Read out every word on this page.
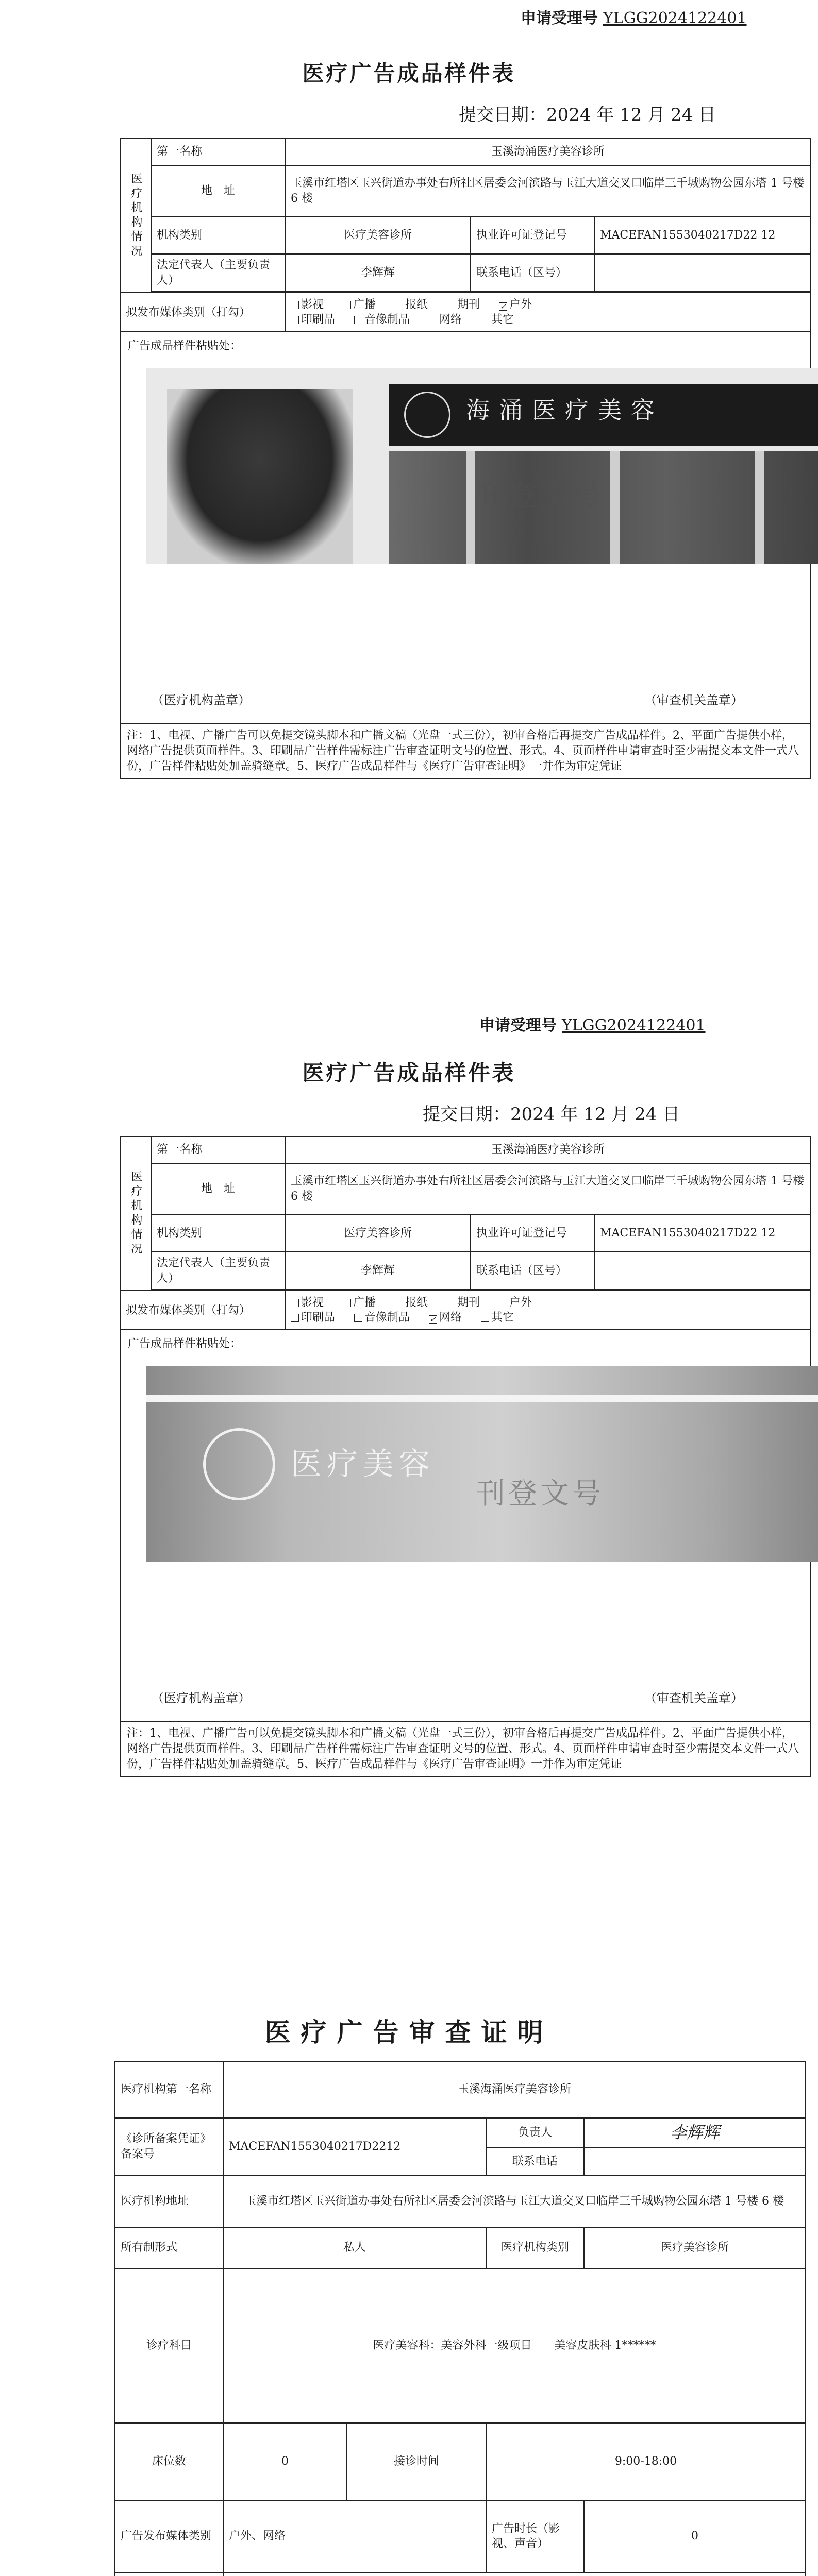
申请受理号 YLGG2024122401
医疗广告成品样件表
提交日期：2024 年 12 月 24 日
医疗机构情况	第一名称	玉溪海涌医疗美容诊所		
	地　址	玉溪市红塔区玉兴街道办事处右所社区居委会河滨路与玉江大道交叉口临岸三千城购物公园东塔 1 号楼 6 楼		
	机构类别	医疗美容诊所	执业许可证登记号	MACEFAN1553040217D22 12
	法定代表人（主要负责人）	李辉辉	联系电话（区号）	

拟发布媒体类别（打勾）		影视 广播 报纸 期刊 ✓ 户外
印刷品 音像制品 网络 其它

广告成品样件粘贴处：
海涌医疗美容
刊登文号
（医疗机构盖章） （审查机关盖章）				

注：1、电视、广播广告可以免提交镜头脚本和广播文稿（光盘一式三份），初审合格后再提交广告成品样件。2、平面广告提供小样，网络广告提供页面样件。3、印刷品广告样件需标注广告审查证明文号的位置、形式。4、页面样件申请审查时至少需提交本文件一式八份，广告样件粘贴处加盖骑缝章。5、医疗广告成品样件与《医疗广告审查证明》一并作为审定凭证				
申请受理号 YLGG2024122401
医疗广告成品样件表
提交日期：2024 年 12 月 24 日
医疗机构情况	第一名称	玉溪海涌医疗美容诊所		
	地　址	玉溪市红塔区玉兴街道办事处右所社区居委会河滨路与玉江大道交叉口临岸三千城购物公园东塔 1 号楼 6 楼		
	机构类别	医疗美容诊所	执业许可证登记号	MACEFAN1553040217D22 12
	法定代表人（主要负责人）	李辉辉	联系电话（区号）	

拟发布媒体类别（打勾）		影视 广播 报纸 期刊 户外
印刷品 音像制品 ✓ 网络 其它

广告成品样件粘贴处：
医疗美容
刊登文号
（医疗机构盖章） （审查机关盖章）				

注：1、电视、广播广告可以免提交镜头脚本和广播文稿（光盘一式三份），初审合格后再提交广告成品样件。2、平面广告提供小样，网络广告提供页面样件。3、印刷品广告样件需标注广告审查证明文号的位置、形式。4、页面样件申请审查时至少需提交本文件一式八份，广告样件粘贴处加盖骑缝章。5、医疗广告成品样件与《医疗广告审查证明》一并作为审定凭证				
医疗广告审查证明
医疗机构第一名称	玉溪海涌医疗美容诊所			
《诊所备案凭证》备案号	MACEFAN1553040217D2212		负责人	李辉辉
			联系电话	
医疗机构地址	玉溪市红塔区玉兴街道办事处右所社区居委会河滨路与玉江大道交叉口临岸三千城购物公园东塔 1 号楼 6 楼			
所有制形式	私人		医疗机构类别	医疗美容诊所
诊疗科目	医疗美容科：美容外科一级项目　　美容皮肤科 1******			
床位数	0	接诊时间	9:00-18:00	
广告发布媒体类别	户外、网络		广告时长（影视、声音）	0
